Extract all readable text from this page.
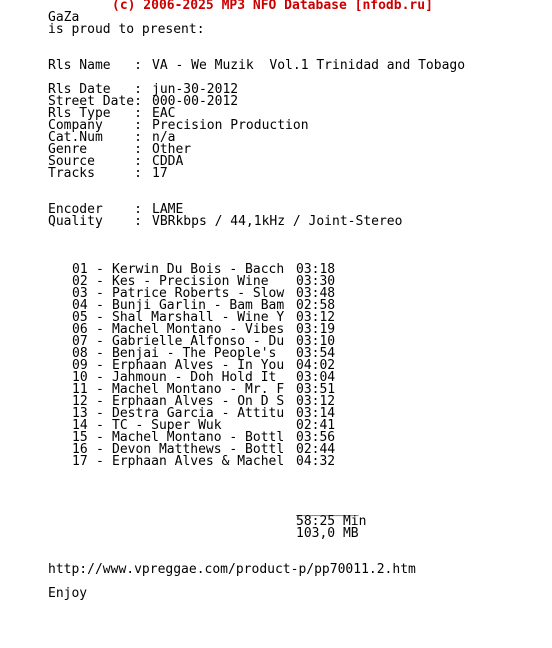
(c) 2006-2025 MP3 NFO Database [nfodb.ru]
GaZa
is proud to present:
Rls Name   : VA - We Muzik  Vol.1 Trinidad and Tobago
Rls Date   : jun-30-2012
Street Date: 000-00-2012
Rls Type   : EAC
Company    : Precision Production
Cat.Num    : n/a
Genre      : Other
Source     : CDDA
Tracks     : 17
Encoder    : LAME
Quality    : VBRkbps / 44,1kHz / Joint-Stereo
01 - Kerwin Du Bois - Bacch 03:18
02 - Kes - Precision Wine 03:30
03 - Patrice Roberts - Slow 03:48
04 - Bunji Garlin - Bam Bam 02:58
05 - Shal Marshall - Wine Y 03:12
06 - Machel Montano - Vibes 03:19
07 - Gabrielle Alfonso - Du 03:10
08 - Benjai - The People's 03:54
09 - Erphaan Alves - In You 04:02
10 - Jahmoun - Doh Hold It 03:04
11 - Machel Montano - Mr. F 03:51
12 - Erphaan Alves - On D S 03:12
13 - Destra Garcia - Attitu 03:14
14 - TC - Super Wuk 02:41
15 - Machel Montano - Bottl 03:56
16 - Devon Matthews - Bottl 02:44
17 - Erphaan Alves & Machel 04:32
________
58:25 Min
103,0 MB
http://www.vpreggae.com/product-p/pp70011.2.htm
Enjoy
